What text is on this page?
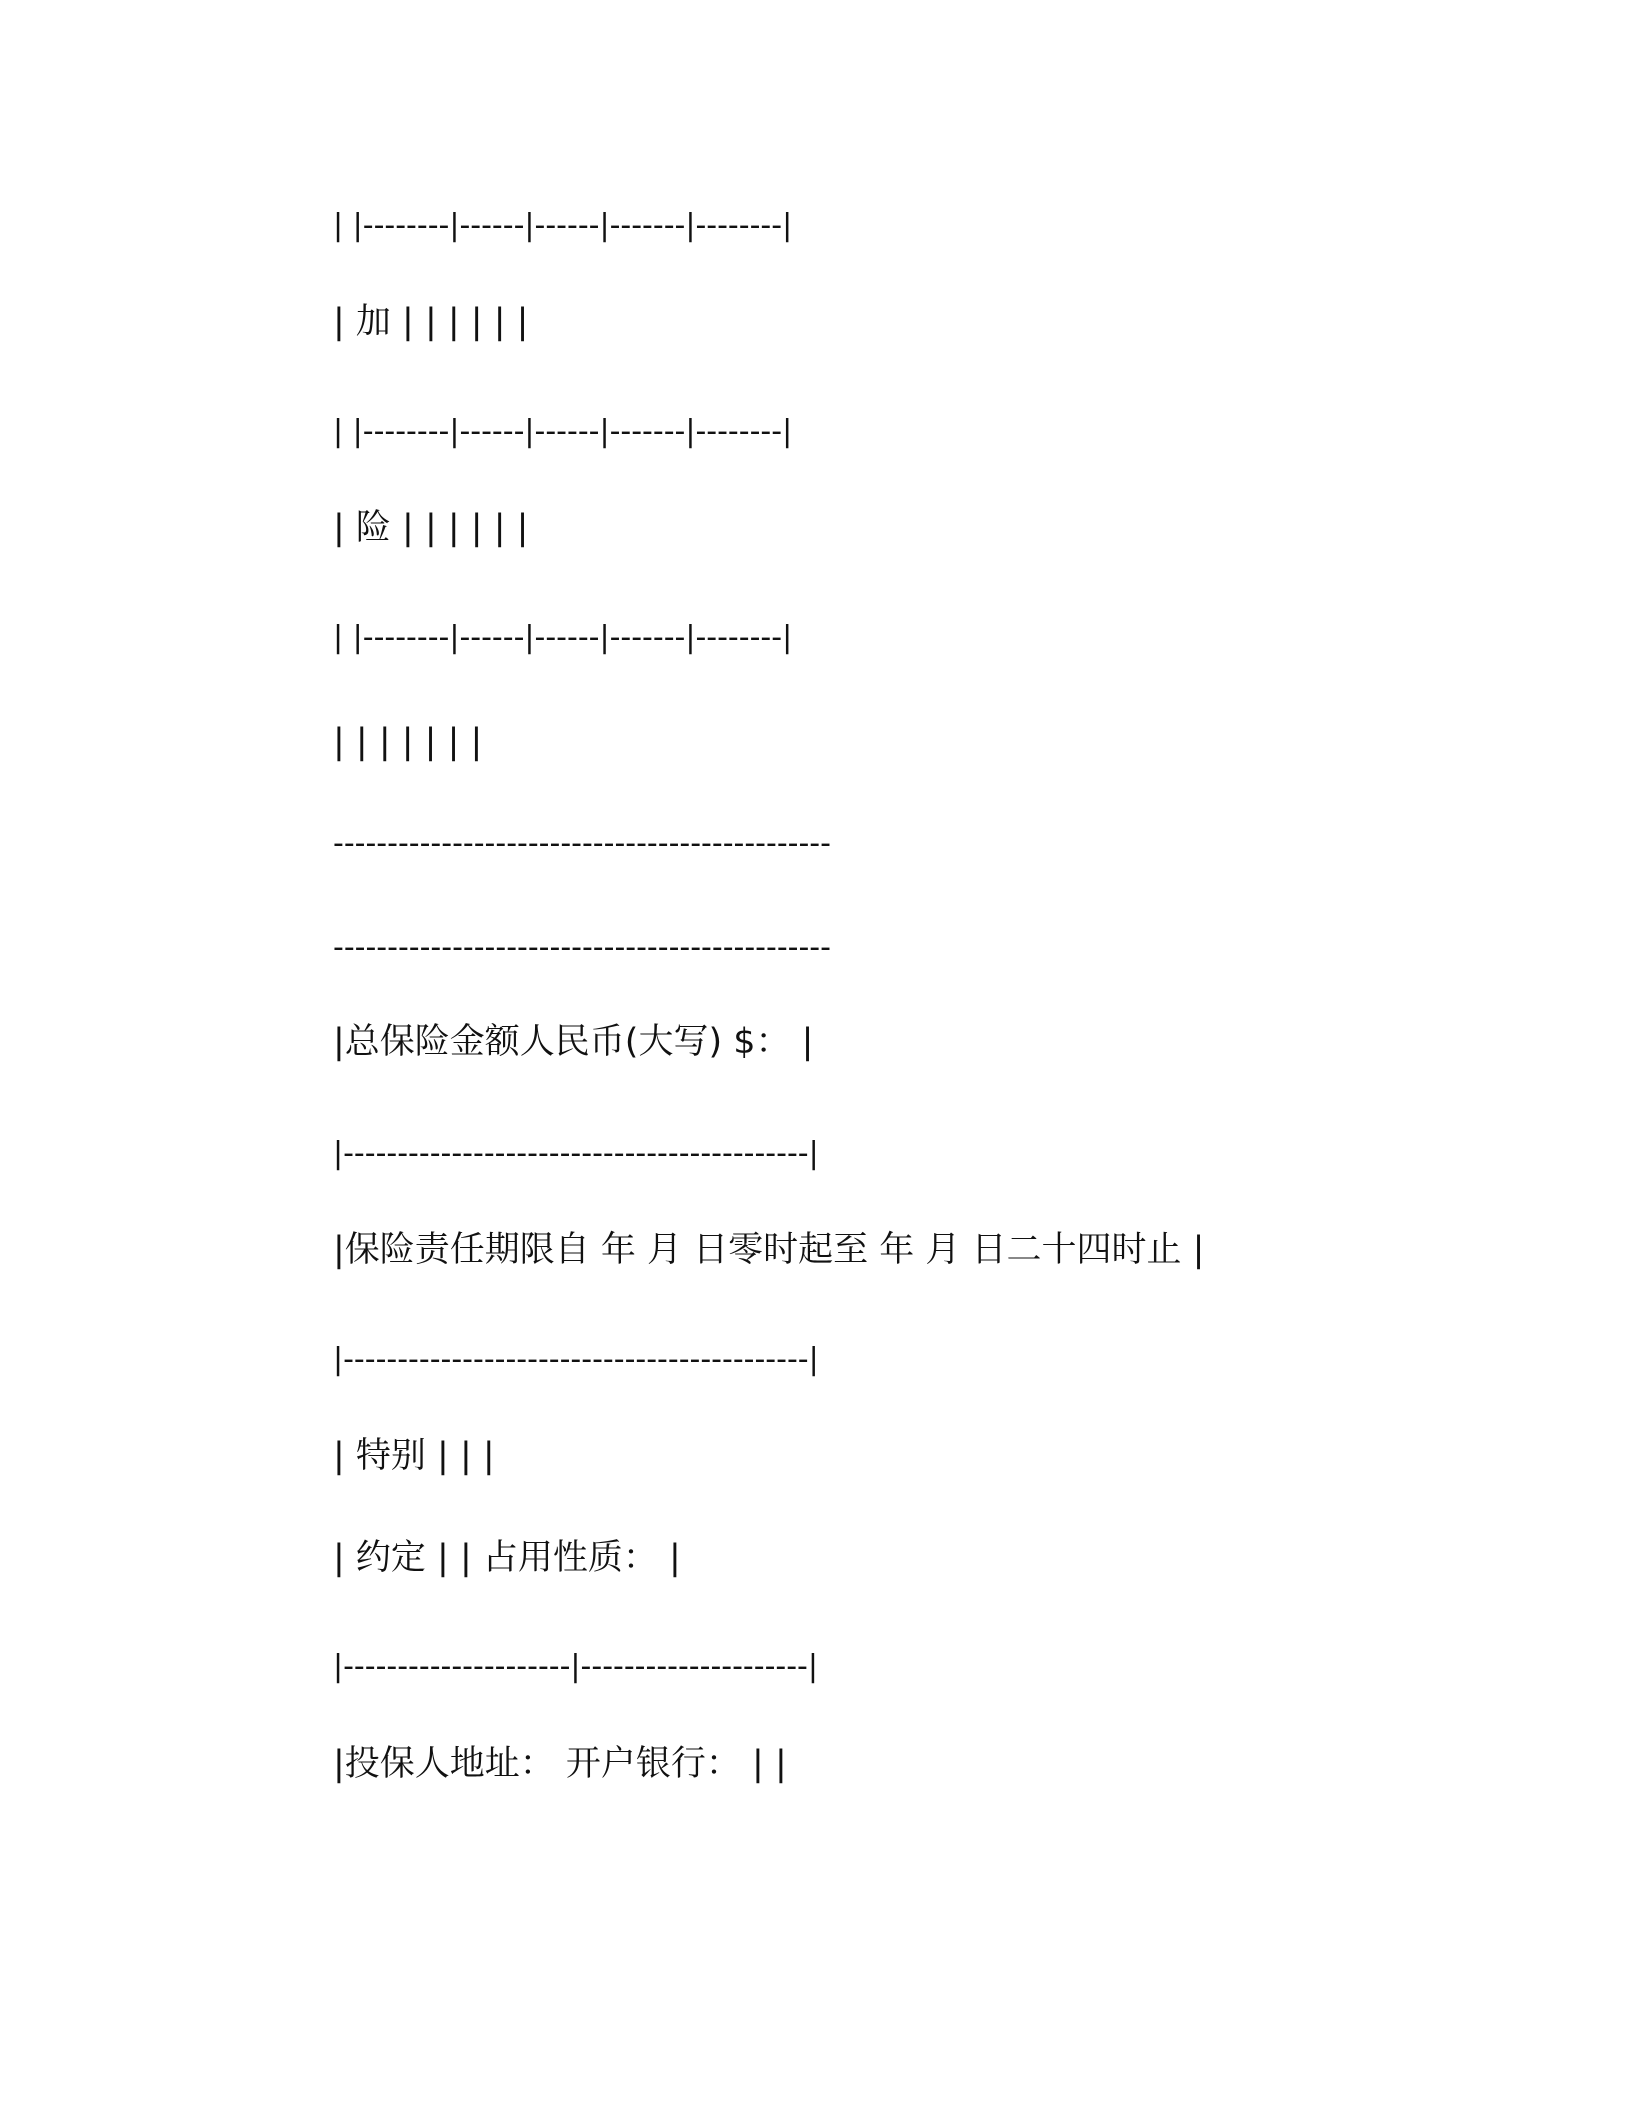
| |--------|------|------|-------|--------|

| 加 | | | | | |

| |--------|------|------|-------|--------|

| 险 | | | | | |

| |--------|------|------|-------|--------|

| | | | | | |

----------------------------------------------

----------------------------------------------

|总保险金额人民币(大写) $： |

|-------------------------------------------|

|保险责任期限自 年 月 日零时起至 年 月 日二十四时止 |

|-------------------------------------------|

| 特别 | | |

| 约定 | | 占用性质： |

|---------------------|---------------------|

|投保人地址： 开户银行： | |
